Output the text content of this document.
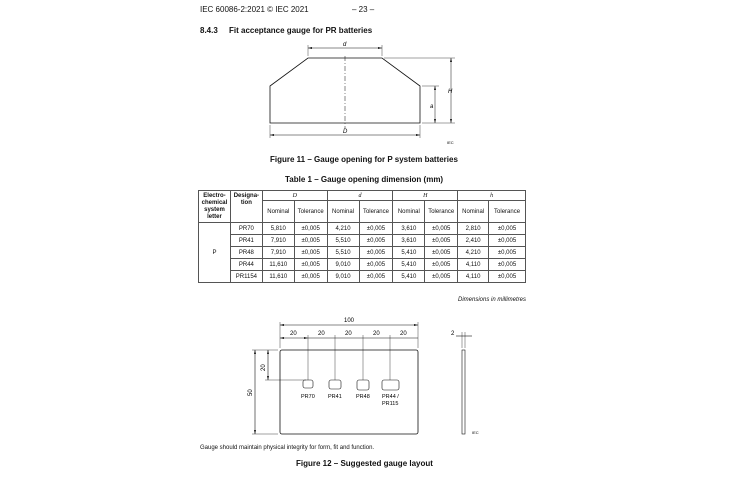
IEC 60086-2:2021 © IEC 2021	– 23 –
8.4.3 Fit acceptance gauge for PR batteries
d
D
H
a
IEC
Figure 11 – Gauge opening for P system batteries
Table 1 – Gauge opening dimension (mm)
Electro-
chemical
system
letter	Designa-
tion	D		d		H		h	
		Nominal	Tolerance	Nominal	Tolerance	Nominal	Tolerance	Nominal	Tolerance
P	PR70	5,810	±0,005	4,210	±0,005	3,610	±0,005	2,810	±0,005
	PR41	7,910	±0,005	5,510	±0,005	3,610	±0,005	2,410	±0,005
	PR48	7,910	±0,005	5,510	±0,005	5,410	±0,005	4,210	±0,005
	PR44	11,610	±0,005	9,010	±0,005	5,410	±0,005	4,110	±0,005
	PR1154	11,610	±0,005	9,010	±0,005	5,410	±0,005	4,110	±0,005
Dimensions in millimetres
100
20	20	20	20	20
50
20
2
PR70 PR41	PR48 PR44 /
PR115
IEC
Gauge should maintain physical integrity for form, fit and function.
Figure 12 – Suggested gauge layout
